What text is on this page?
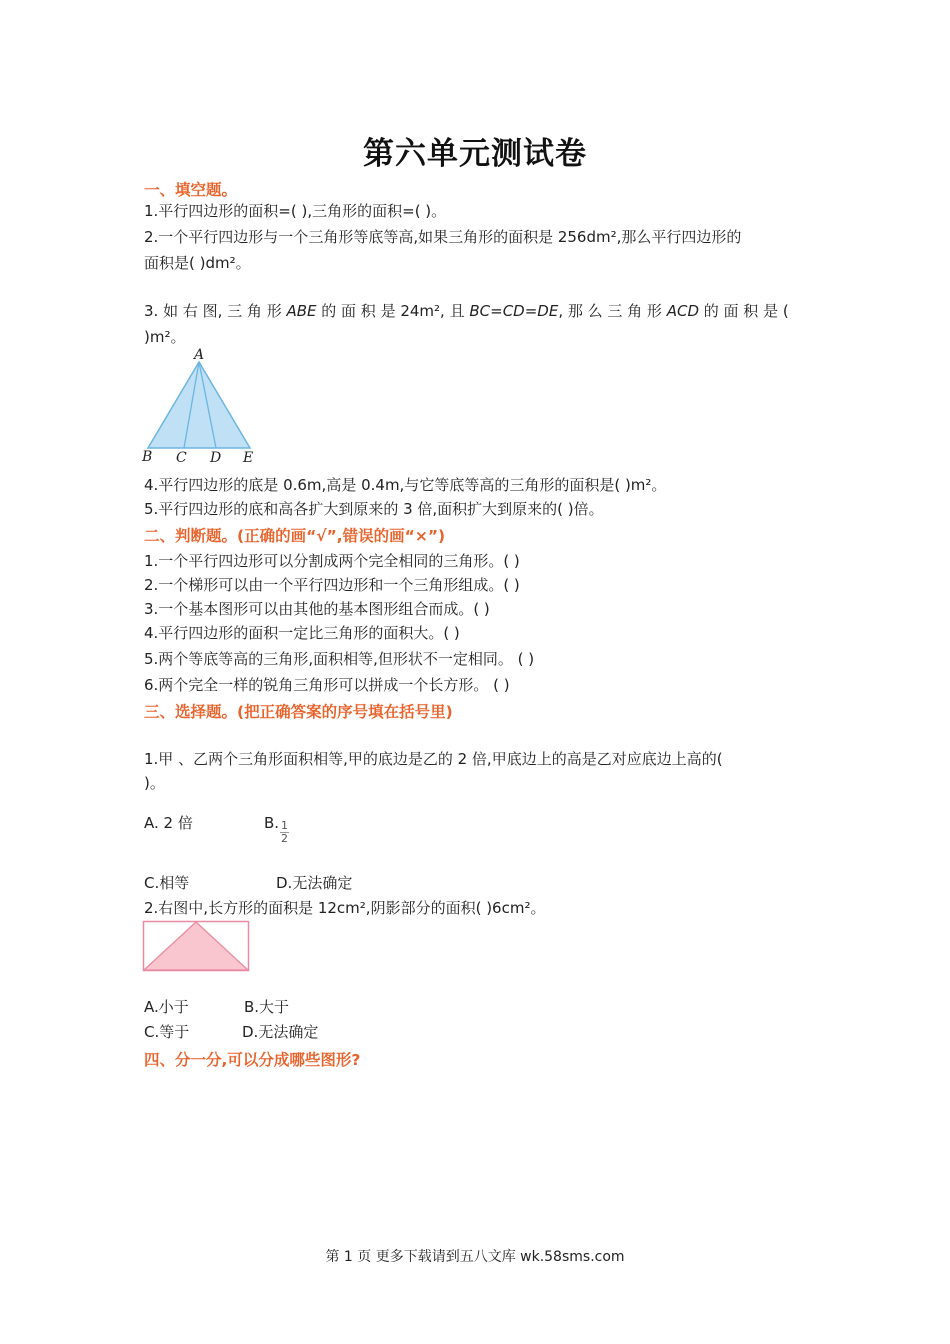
第六单元测试卷
一、填空题。
1.平行四边形的面积=( ),三角形的面积=( )。
2.一个平行四边形与一个三角形等底等高,如果三角形的面积是 256dm²,那么平行四边形的
面积是( )dm²。
3. 如 右 图, 三 角 形 ABE 的 面 积 是 24m², 且 BC=CD=DE, 那 么 三 角 形 ACD 的 面 积 是 (
)m²。
A
B C D E
4.平行四边形的底是 0.6m,高是 0.4m,与它等底等高的三角形的面积是( )m²。
5.平行四边形的底和高各扩大到原来的 3 倍,面积扩大到原来的( )倍。
二、判断题。(正确的画“√”,错误的画“×”)
1.一个平行四边形可以分割成两个完全相同的三角形。( )
2.一个梯形可以由一个平行四边形和一个三角形组成。( )
3.一个基本图形可以由其他的基本图形组合而成。( )
4.平行四边形的面积一定比三角形的面积大。( )
5.两个等底等高的三角形,面积相等,但形状不一定相同。 ( )
6.两个完全一样的锐角三角形可以拼成一个长方形。 ( )
三、选择题。(把正确答案的序号填在括号里)
1.甲 、乙两个三角形面积相等,甲的底边是乙的 2 倍,甲底边上的高是乙对应底边上高的(
)。
A. 2 倍	B. $\frac{1}{2}$
C.相等	D.无法确定
2.右图中,长方形的面积是 12cm²,阴影部分的面积( )6cm²。
A.小于	B.大于
C.等于	D.无法确定
四、分一分,可以分成哪些图形?
第 1 页 更多下载请到五八文库 wk.58sms.com
